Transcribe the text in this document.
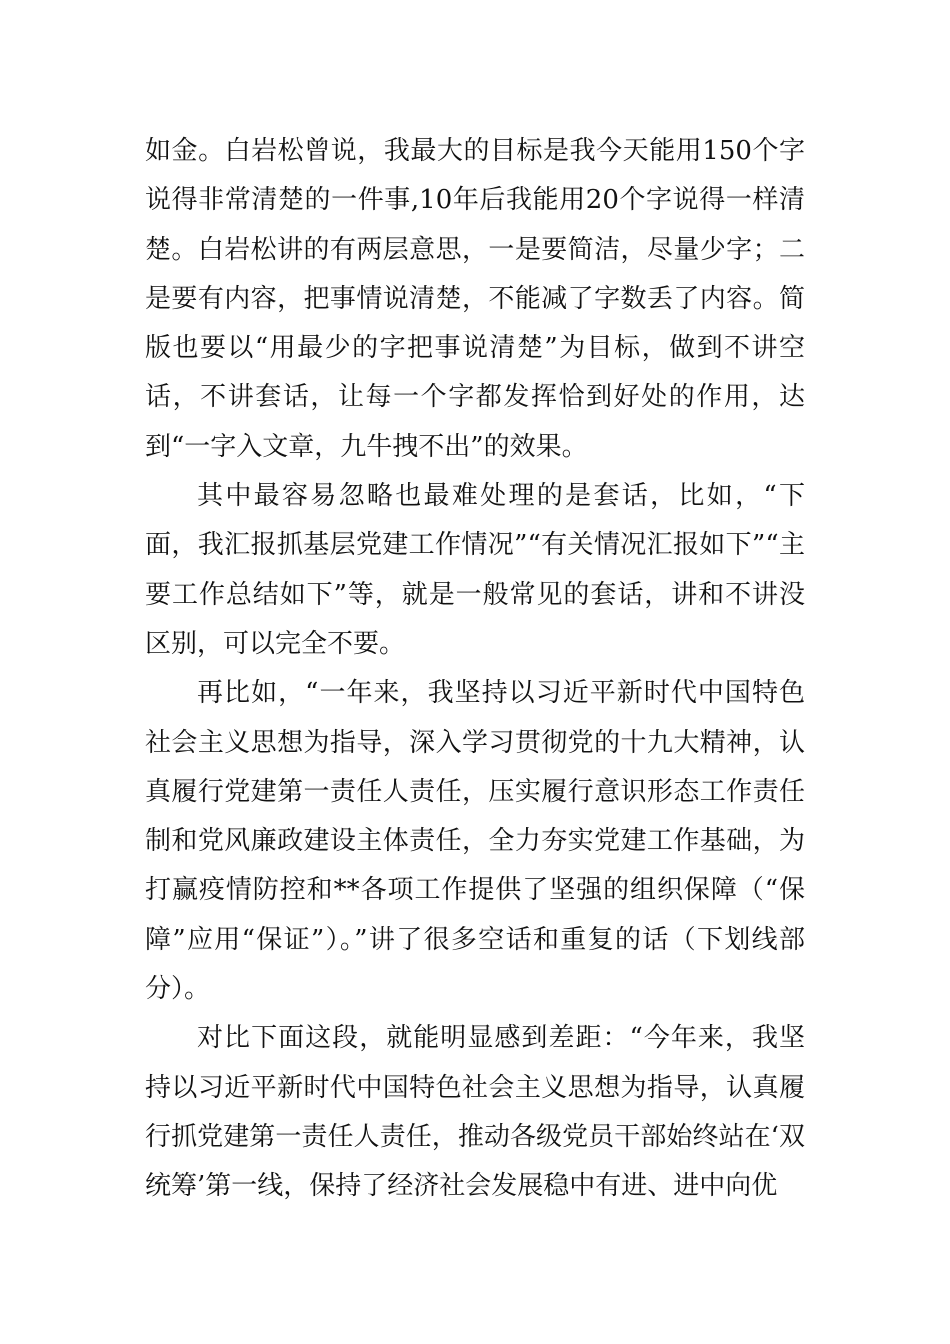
如金。白岩松曾说，我最大的目标是我今天能用150个字说得非常清楚的一件事,10年后我能用20个字说得一样清楚。白岩松讲的有两层意思，一是要简洁，尽量少字；二是要有内容，把事情说清楚，不能减了字数丢了内容。简版也要以“用最少的字把事说清楚”为目标，做到不讲空话，不讲套话，让每一个字都发挥恰到好处的作用，达到“一字入文章，九牛拽不出”的效果。

其中最容易忽略也最难处理的是套话，比如，“下面，我汇报抓基层党建工作情况”“有关情况汇报如下”“主要工作总结如下”等，就是一般常见的套话，讲和不讲没区别，可以完全不要。

再比如，“一年来，我坚持以习近平新时代中国特色社会主义思想为指导，深入学习贯彻党的十九大精神，认真履行党建第一责任人责任，压实履行意识形态工作责任制和党风廉政建设主体责任，全力夯实党建工作基础，为打赢疫情防控和**各项工作提供了坚强的组织保障（“保障”应用“保证”）。”讲了很多空话和重复的话（下划线部分）。

对比下面这段，就能明显感到差距：“今年来，我坚持以习近平新时代中国特色社会主义思想为指导，认真履行抓党建第一责任人责任，推动各级党员干部始终站在‘双统筹’第一线，保持了经济社会发展稳中有进、进中向优
